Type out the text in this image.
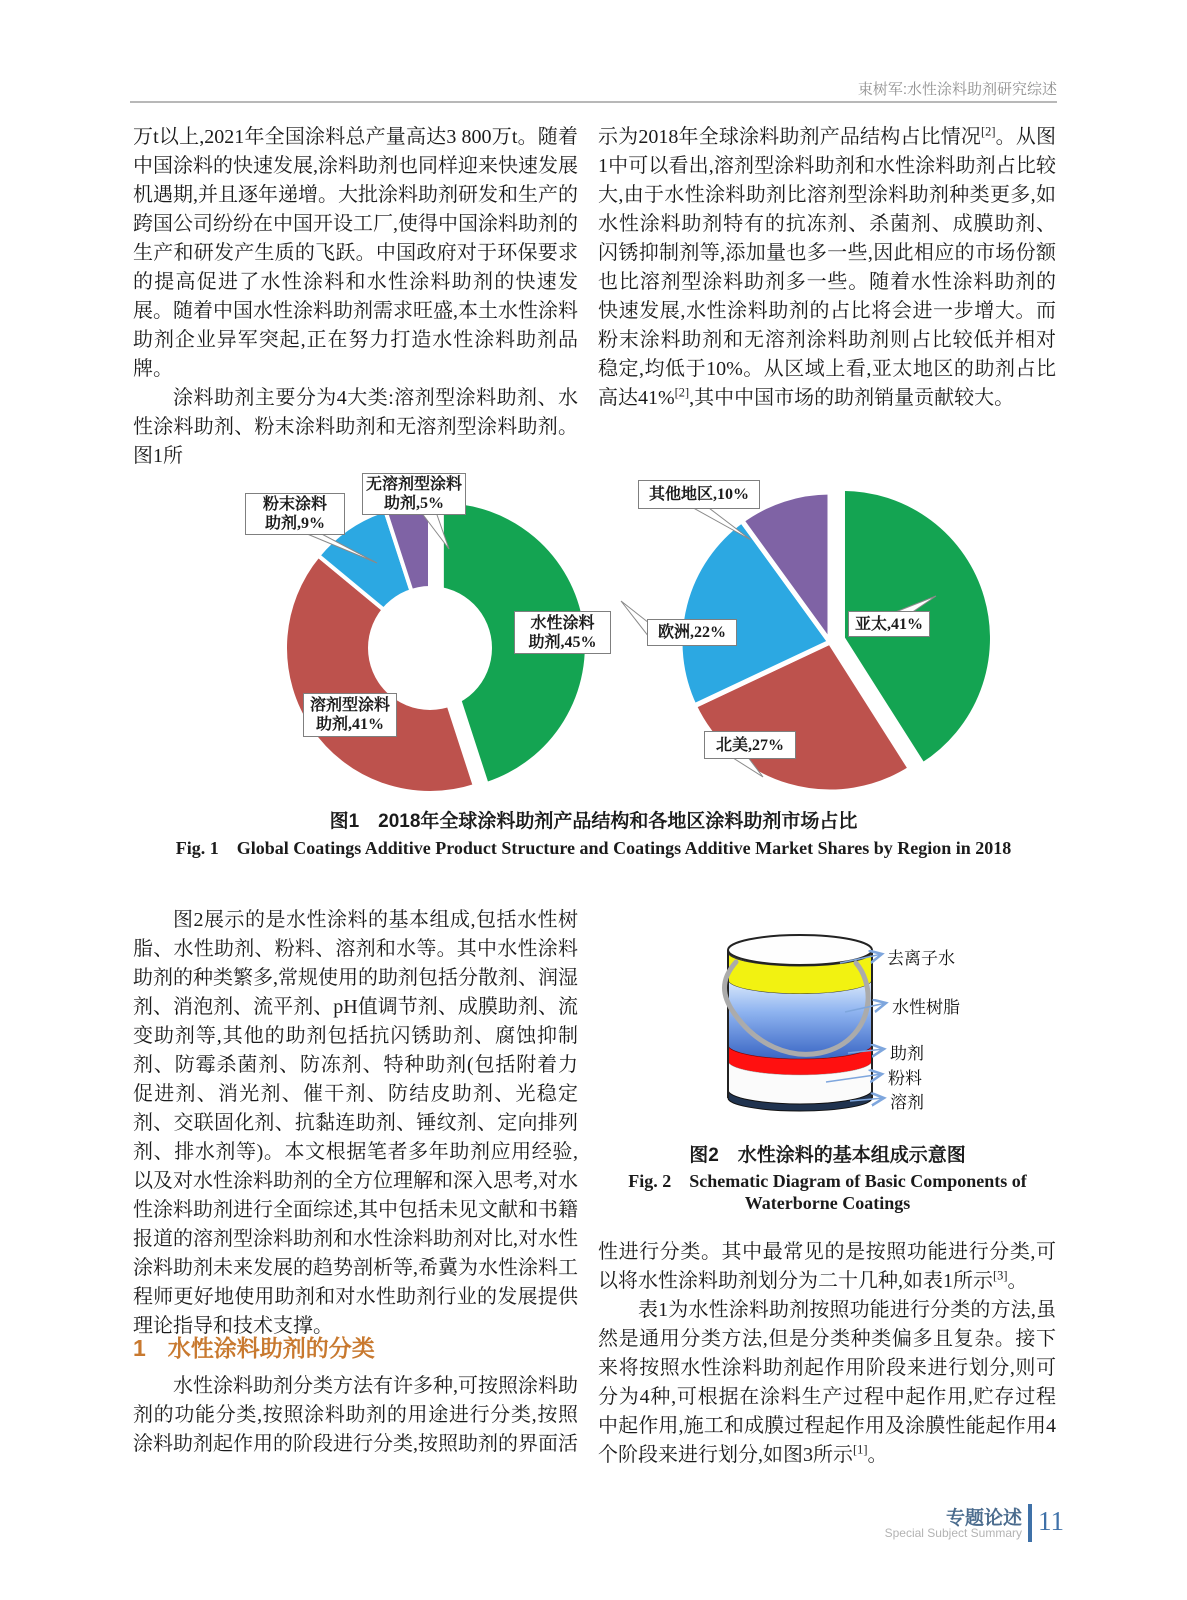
束树军:水性涂料助剂研究综述

万t以上,2021年全国涂料总产量高达3 800万t。随着中国涂料的快速发展,涂料助剂也同样迎来快速发展机遇期,并且逐年递增。大批涂料助剂研发和生产的跨国公司纷纷在中国开设工厂,使得中国涂料助剂的生产和研发产生质的飞跃。中国政府对于环保要求的提高促进了水性涂料和水性涂料助剂的快速发展。随着中国水性涂料助剂需求旺盛,本土水性涂料助剂企业异军突起,正在努力打造水性涂料助剂品牌。

涂料助剂主要分为4大类:溶剂型涂料助剂、水性涂料助剂、粉末涂料助剂和无溶剂型涂料助剂。图1所

示为2018年全球涂料助剂产品结构占比情况[2]。从图1中可以看出,溶剂型涂料助剂和水性涂料助剂占比较大,由于水性涂料助剂比溶剂型涂料助剂种类更多,如水性涂料助剂特有的抗冻剂、杀菌剂、成膜助剂、闪锈抑制剂等,添加量也多一些,因此相应的市场份额也比溶剂型涂料助剂多一些。随着水性涂料助剂的快速发展,水性涂料助剂的占比将会进一步增大。而粉末涂料助剂和无溶剂涂料助剂则占比较低并相对稳定,均低于10%。从区域上看,亚太地区的助剂占比高达41%[2],其中中国市场的助剂销量贡献较大。

粉末涂料
助剂,9%
无溶剂型涂料
助剂,5%
水性涂料
助剂,45%
溶剂型涂料
助剂,41%
其他地区,10%
亚太,41%
欧洲,22%
北美,27%
图1　2018年全球涂料助剂产品结构和各地区涂料助剂市场占比
Fig. 1　Global Coatings Additive Product Structure and Coatings Additive Market Shares by Region in 2018

图2展示的是水性涂料的基本组成,包括水性树脂、水性助剂、粉料、溶剂和水等。其中水性涂料助剂的种类繁多,常规使用的助剂包括分散剂、润湿剂、消泡剂、流平剂、pH值调节剂、成膜助剂、流变助剂等,其他的助剂包括抗闪锈助剂、腐蚀抑制剂、防霉杀菌剂、防冻剂、特种助剂(包括附着力促进剂、消光剂、催干剂、防结皮助剂、光稳定剂、交联固化剂、抗黏连助剂、锤纹剂、定向排列剂、排水剂等)。本文根据笔者多年助剂应用经验,以及对水性涂料助剂的全方位理解和深入思考,对水性涂料助剂进行全面综述,其中包括未见文献和书籍报道的溶剂型涂料助剂和水性涂料助剂对比,对水性涂料助剂未来发展的趋势剖析等,希冀为水性涂料工程师更好地使用助剂和对水性助剂行业的发展提供理论指导和技术支撑。

1 水性涂料助剂的分类

水性涂料助剂分类方法有许多种,可按照涂料助剂的功能分类,按照涂料助剂的用途进行分类,按照涂料助剂起作用的阶段进行分类,按照助剂的界面活

去离子水
水性树脂
助剂
粉料
溶剂
图2　水性涂料的基本组成示意图
Fig. 2　Schematic Diagram of Basic Components of
Waterborne Coatings

性进行分类。其中最常见的是按照功能进行分类,可以将水性涂料助剂划分为二十几种,如表1所示[3]。

表1为水性涂料助剂按照功能进行分类的方法,虽然是通用分类方法,但是分类种类偏多且复杂。接下来将按照水性涂料助剂起作用阶段来进行划分,则可分为4种,可根据在涂料生产过程中起作用,贮存过程中起作用,施工和成膜过程起作用及涂膜性能起作用4个阶段来进行划分,如图3所示[1]。

专题论述
Special Subject Summary 11
